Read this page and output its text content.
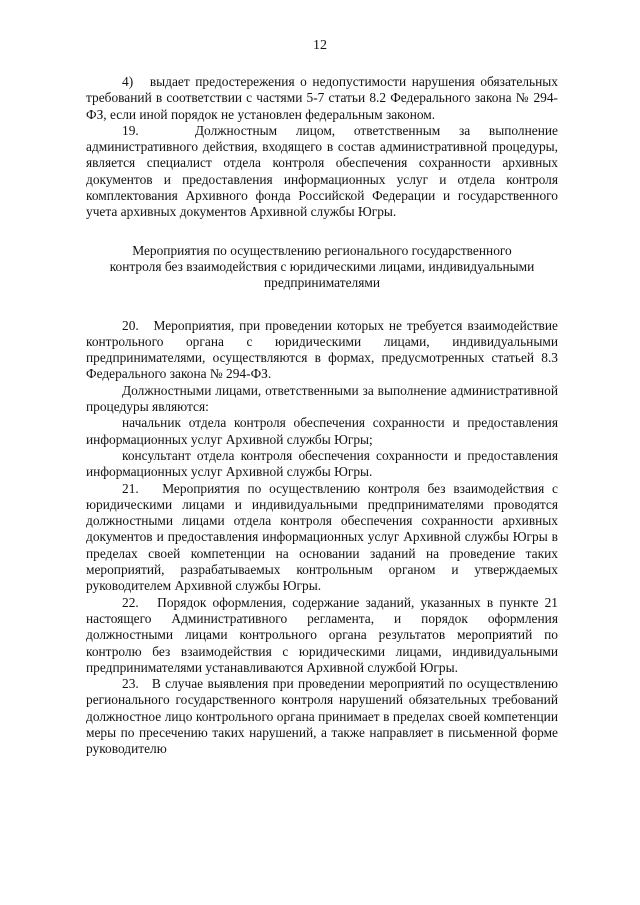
12

4)   выдает предостережения о недопустимости нарушения обязательных требований в соответствии с частями 5-7 статьи 8.2 Федерального закона № 294-ФЗ, если иной порядок не установлен федеральным законом.

19.   Должностным лицом, ответственным за выполнение административного действия, входящего в состав административной процедуры, является специалист отдела контроля обеспечения сохранности архивных документов и предоставления информационных услуг и отдела контроля комплектования Архивного фонда Российской Федерации и государственного учета архивных документов Архивной службы Югры.

Мероприятия по осуществлению регионального государственного
контроля без взаимодействия с юридическими лицами, индивидуальными
предпринимателями

20.   Мероприятия, при проведении которых не требуется взаимодействие контрольного органа с юридическими лицами, индивидуальными предпринимателями, осуществляются в формах, предусмотренных статьей 8.3 Федерального закона № 294-ФЗ.

Должностными лицами, ответственными за выполнение административной процедуры являются:

начальник отдела контроля обеспечения сохранности и предоставления информационных услуг Архивной службы Югры;

консультант отдела контроля обеспечения сохранности и предоставления информационных услуг Архивной службы Югры.

21.   Мероприятия по осуществлению контроля без взаимодействия с юридическими лицами и индивидуальными предпринимателями проводятся должностными лицами отдела контроля обеспечения сохранности архивных документов и предоставления информационных услуг Архивной службы Югры в пределах своей компетенции на основании заданий на проведение таких мероприятий, разрабатываемых контрольным органом и утверждаемых руководителем Архивной службы Югры.

22.   Порядок оформления, содержание заданий, указанных в пункте 21 настоящего Административного регламента, и порядок оформления должностными лицами контрольного органа результатов мероприятий по контролю без взаимодействия с юридическими лицами, индивидуальными предпринимателями устанавливаются Архивной службой Югры.

23.   В случае выявления при проведении мероприятий по осуществлению регионального государственного контроля нарушений обязательных требований должностное лицо контрольного органа принимает в пределах своей компетенции меры по пресечению таких нарушений, а также направляет в письменной форме руководителю
